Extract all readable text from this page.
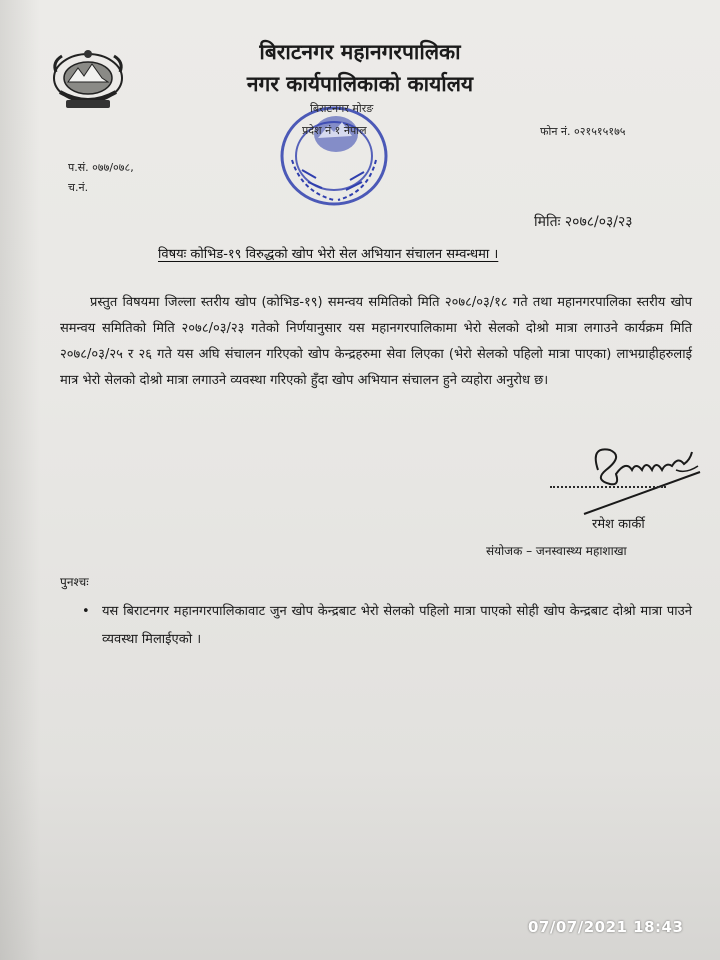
बिराटनगर महानगरपालिका
नगर कार्यपालिकाको कार्यालय
बिराटनगर मोरङ
प्रदेश नं १ नेपाल	फोन नं. ०२१५१५१७५
प.सं. ०७७/०७८,
च.नं.
मितिः २०७८/०३/२३
विषयः कोभिड-१९ विरुद्धको खोप भेरो सेल अभियान संचालन सम्वन्धमा ।
प्रस्तुत विषयमा जिल्ला स्तरीय खोप (कोभिड-१९) समन्वय समितिको मिति २०७८/०३/१८ गते तथा महानगरपालिका स्तरीय खोप समन्वय समितिको मिति २०७८/०३/२३ गतेको निर्णयानुसार यस महानगरपालिकामा भेरो सेलको दोश्रो मात्रा लगाउने कार्यक्रम मिति २०७८/०३/२५ र २६ गते यस अघि संचालन गरिएको खोप केन्द्रहरुमा सेवा लिएका (भेरो सेलको पहिलो मात्रा पाएका) लाभग्राहीहरुलाई मात्र भेरो सेलको दोश्रो मात्रा लगाउने व्यवस्था गरिएको हुँदा खोप अभियान संचालन हुने व्यहोरा अनुरोध छ।
रमेश कार्की
संयोजक – जनस्वास्थ्य महाशाखा
पुनश्चः
• यस बिराटनगर महानगरपालिकावाट जुन खोप केन्द्रबाट भेरो सेलको पहिलो मात्रा पाएको सोही खोप केन्द्रबाट दोश्रो मात्रा पाउने व्यवस्था मिलाईएको ।
07/07/2021 18:43
